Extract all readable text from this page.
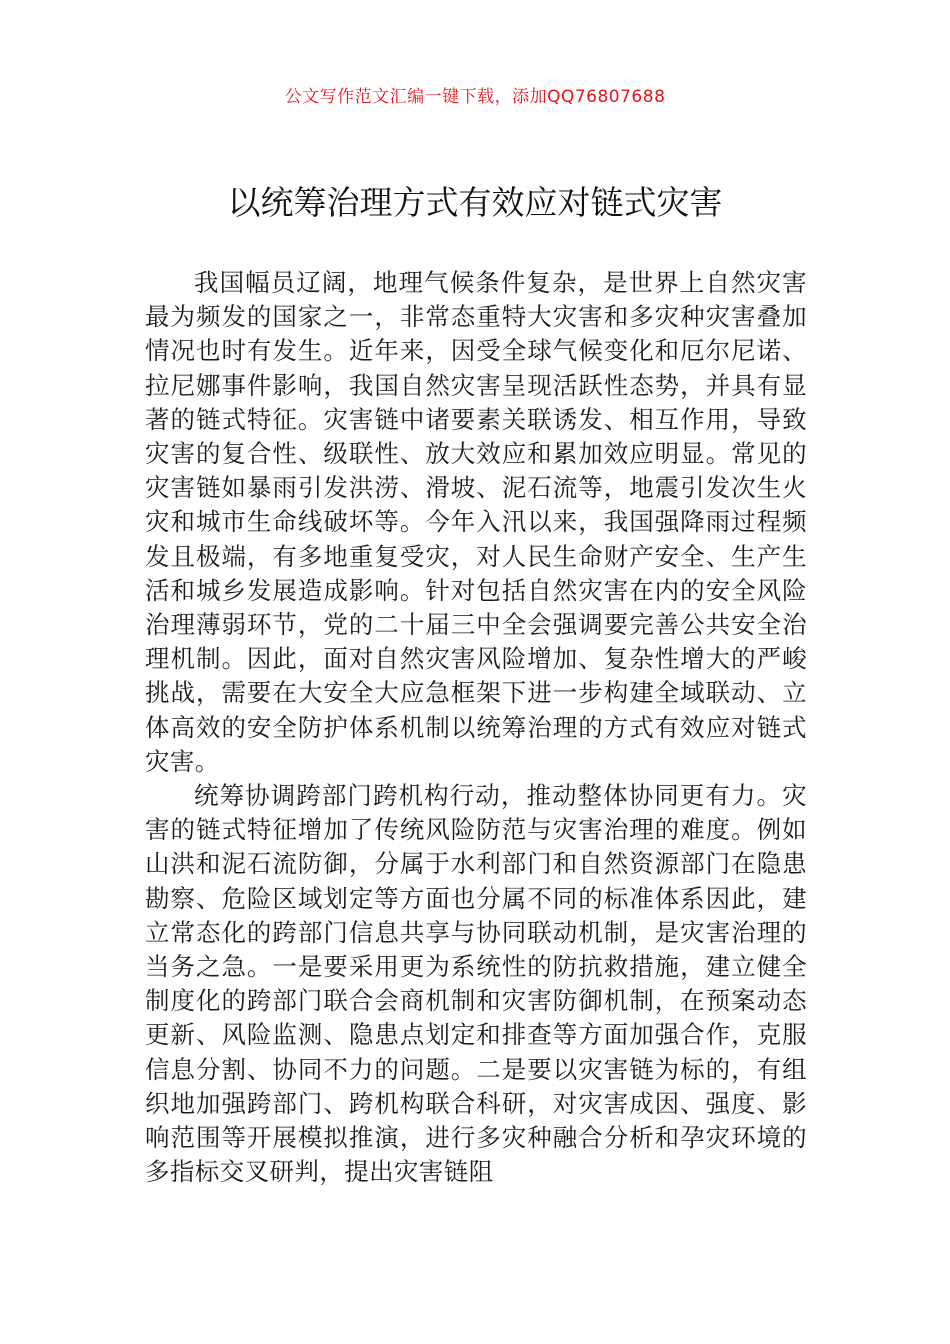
公文写作范文汇编一键下载，添加QQ76807688
以统筹治理方式有效应对链式灾害

我国幅员辽阔，地理气候条件复杂，是世界上自然灾害最为频发的国家之一，非常态重特大灾害和多灾种灾害叠加情况也时有发生。近年来，因受全球气候变化和厄尔尼诺、拉尼娜事件影响，我国自然灾害呈现活跃性态势，并具有显著的链式特征。灾害链中诸要素关联诱发、相互作用，导致灾害的复合性、级联性、放大效应和累加效应明显。常见的灾害链如暴雨引发洪涝、滑坡、泥石流等，地震引发次生火灾和城市生命线破坏等。今年入汛以来，我国强降雨过程频发且极端，有多地重复受灾，对人民生命财产安全、生产生活和城乡发展造成影响。针对包括自然灾害在内的安全风险治理薄弱环节，党的二十届三中全会强调要完善公共安全治理机制。因此，面对自然灾害风险增加、复杂性增大的严峻挑战，需要在大安全大应急框架下进一步构建全域联动、立体高效的安全防护体系机制以统筹治理的方式有效应对链式灾害。

统筹协调跨部门跨机构行动，推动整体协同更有力。灾害的链式特征增加了传统风险防范与灾害治理的难度。例如山洪和泥石流防御，分属于水利部门和自然资源部门在隐患勘察、危险区域划定等方面也分属不同的标准体系因此，建立常态化的跨部门信息共享与协同联动机制，是灾害治理的当务之急。一是要采用更为系统性的防抗救措施，建立健全制度化的跨部门联合会商机制和灾害防御机制，在预案动态更新、风险监测、隐患点划定和排查等方面加强合作，克服信息分割、协同不力的问题。二是要以灾害链为标的，有组织地加强跨部门、跨机构联合科研，对灾害成因、强度、影响范围等开展模拟推演，进行多灾种融合分析和孕灾环境的多指标交叉研判，提出灾害链阻
